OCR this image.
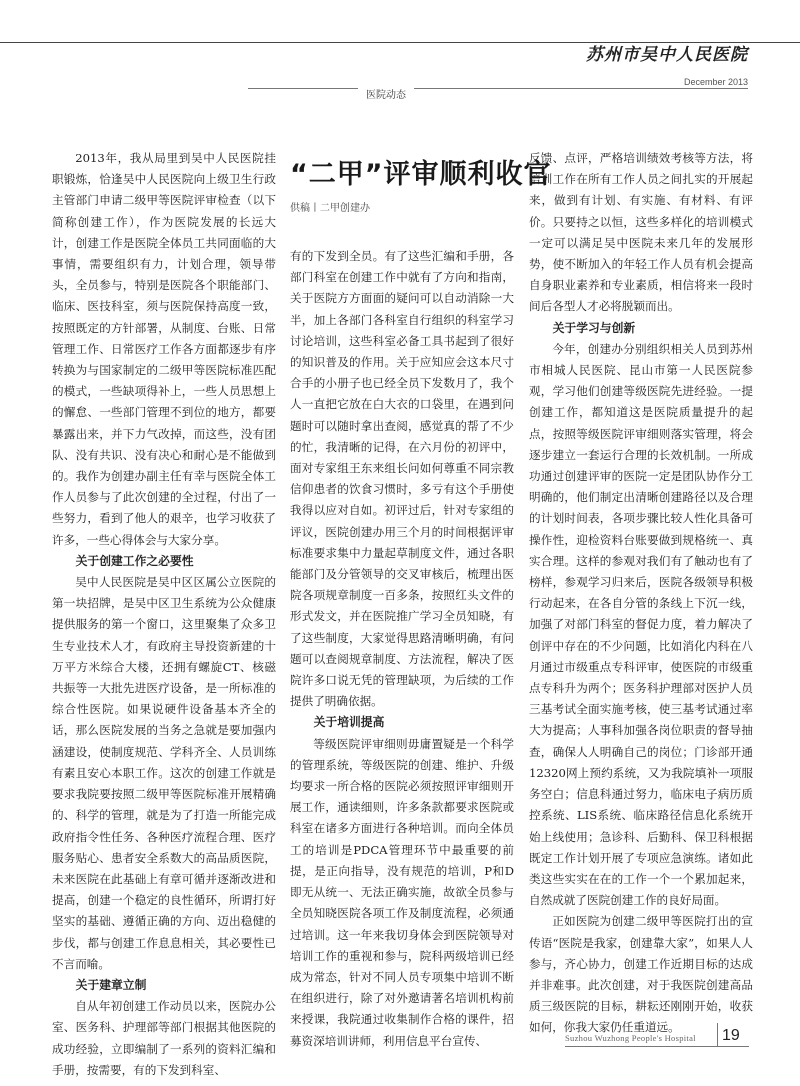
苏州市吴中人民医院
December 2013
医院动态
“二甲”评审顺利收官
供稿丨二甲创建办

2013年，我从局里到吴中人民医院挂职锻炼，恰逢吴中人民医院向上级卫生行政主管部门申请二级甲等医院评审检查（以下简称创建工作），作为医院发展的长远大计，创建工作是医院全体员工共同面临的大事情，需要组织有力，计划合理，领导带头，全员参与，特别是医院各个职能部门、临床、医技科室，须与医院保持高度一致，按照既定的方针部署，从制度、台账、日常管理工作、日常医疗工作各方面都逐步有序转换为与国家制定的二级甲等医院标准匹配的模式，一些缺项得补上，一些人员思想上的懈怠、一些部门管理不到位的地方，都要暴露出来，并下力气改掉，而这些，没有团队、没有共识、没有决心和耐心是不能做到的。我作为创建办副主任有幸与医院全体工作人员参与了此次创建的全过程，付出了一些努力，看到了他人的艰辛，也学习收获了许多，一些心得体会与大家分享。

关于创建工作之必要性

吴中人民医院是吴中区区属公立医院的第一块招牌，是吴中区卫生系统为公众健康提供服务的第一个窗口，这里聚集了众多卫生专业技术人才，有政府主导投资新建的十万平方米综合大楼，还拥有螺旋CT、核磁共振等一大批先进医疗设备，是一所标准的综合性医院。如果说硬件设备基本齐全的话，那么医院发展的当务之急就是要加强内涵建设，使制度规范、学科齐全、人员训练有素且安心本职工作。这次的创建工作就是要求我院要按照二级甲等医院标准开展精确的、科学的管理，就是为了打造一所能完成政府指令性任务、各种医疗流程合理、医疗服务贴心、患者安全系数大的高品质医院，未来医院在此基础上有章可循并逐渐改进和提高，创建一个稳定的良性循环，所谓打好坚实的基础、遵循正确的方向、迈出稳健的步伐，都与创建工作息息相关，其必要性已不言而喻。

关于建章立制

自从年初创建工作动员以来，医院办公室、医务科、护理部等部门根据其他医院的成功经验，立即编制了一系列的资料汇编和手册，按需要，有的下发到科室、

有的下发到全员。有了这些汇编和手册，各部门科室在创建工作中就有了方向和指南，关于医院方方面面的疑问可以自动消除一大半，加上各部门各科室自行组织的科室学习讨论培训，这些科室必备工具书起到了很好的知识普及的作用。关于应知应会这本尺寸合手的小册子也已经全员下发数月了，我个人一直把它放在白大衣的口袋里，在遇到问题时可以随时拿出查阅，感觉真的帮了不少的忙，我清晰的记得，在六月份的初评中，面对专家组王东来组长问如何尊重不同宗教信仰患者的饮食习惯时，多亏有这个手册使我得以应对自如。初评过后，针对专家组的评议，医院创建办用三个月的时间根据评审标准要求集中力量起草制度文件，通过各职能部门及分管领导的交叉审核后，梳理出医院各项规章制度一百多条，按照红头文件的形式发文，并在医院推广学习全员知晓，有了这些制度，大家觉得思路清晰明确，有问题可以查阅规章制度、方法流程，解决了医院许多口说无凭的管理缺项，为后续的工作提供了明确依据。

关于培训提高

等级医院评审细则毋庸置疑是一个科学的管理系统，等级医院的创建、维护、升级均要求一所合格的医院必须按照评审细则开展工作，通读细则，许多条款都要求医院或科室在诸多方面进行各种培训。而向全体员工的培训是PDCA管理环节中最重要的前提，是正向指导，没有规范的培训，P和D即无从统一、无法正确实施，故欲全员参与全员知晓医院各项工作及制度流程，必须通过培训。这一年来我切身体会到医院领导对培训工作的重视和参与，院科两级培训已经成为常态，针对不同人员专项集中培训不断在组织进行，除了对外邀请著名培训机构前来授课，我院通过收集制作合格的课件，招募资深培训讲师，利用信息平台宣传、

反馈、点评，严格培训绩效考核等方法，将培训工作在所有工作人员之间扎实的开展起来，做到有计划、有实施、有材料、有评价。只要持之以恒，这些多样化的培训模式一定可以满足吴中医院未来几年的发展形势，使不断加入的年轻工作人员有机会提高自身职业素养和专业素质，相信将来一段时间后各型人才必将脱颖而出。

关于学习与创新

今年，创建办分别组织相关人员到苏州市相城人民医院、昆山市第一人民医院参观，学习他们创建等级医院先进经验。一提创建工作，都知道这是医院质量提升的起点，按照等级医院评审细则落实管理，将会逐步建立一套运行合理的长效机制。一所成功通过创建评审的医院一定是团队协作分工明确的，他们制定出清晰创建路径以及合理的计划时间表，各项步骤比较人性化具备可操作性，迎检资料台账要做到规格统一、真实合理。这样的参观对我们有了触动也有了榜样，参观学习归来后，医院各级领导积极行动起来，在各自分管的条线上下沉一线，加强了对部门科室的督促力度，着力解决了创评中存在的不少问题，比如消化内科在八月通过市级重点专科评审，使医院的市级重点专科升为两个；医务科护理部对医护人员三基考试全面实施考核，使三基考试通过率大为提高；人事科加强各岗位职责的督导抽查，确保人人明确自己的岗位；门诊部开通12320网上预约系统，又为我院填补一项服务空白；信息科通过努力，临床电子病历质控系统、LIS系统、临床路径信息化系统开始上线使用；急诊科、后勤科、保卫科根据既定工作计划开展了专项应急演练。诸如此类这些实实在在的工作一个一个累加起来，自然成就了医院创建工作的良好局面。

正如医院为创建二级甲等医院打出的宣传语“医院是我家，创建靠大家”，如果人人参与，齐心协力，创建工作近期目标的达成并非难事。此次创建，对于我医院创建高品质三级医院的目标，耕耘还刚刚开始，收获如何，你我大家仍任重道远。

Suzhou Wuzhong People's Hospital 19
